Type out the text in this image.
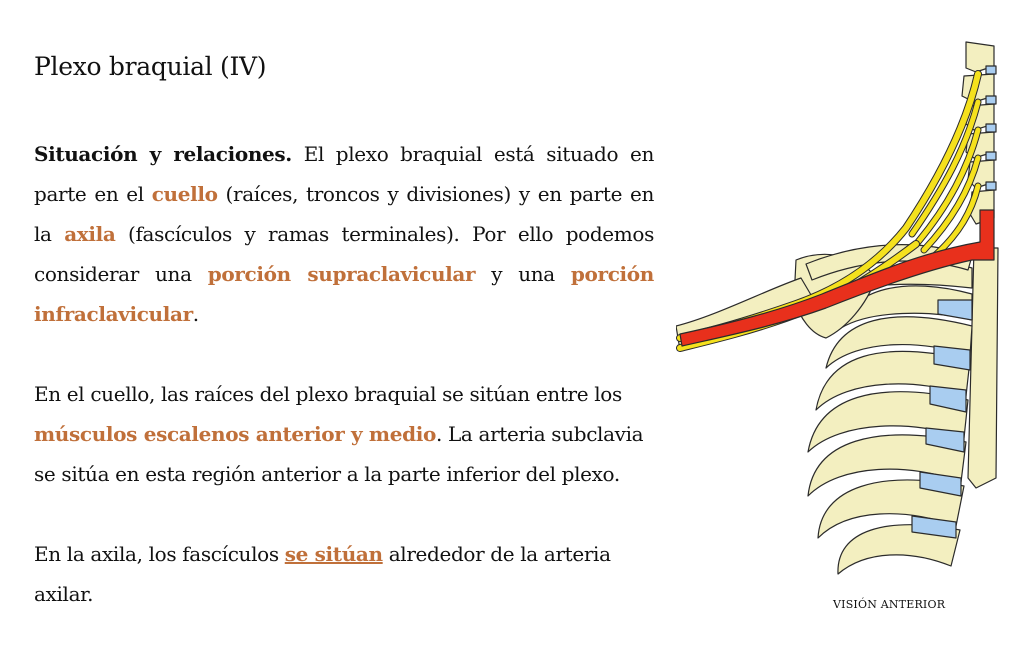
Plexo braquial (IV)
Situación y relaciones. El plexo braquial está situado en parte en el cuello (raíces, troncos y divisiones) y en parte en la axila (fascículos y ramas terminales). Por ello podemos considerar una porción supraclavicular y una porción infraclavicular.
En el cuello, las raíces del plexo braquial se sitúan entre los músculos escalenos anterior y medio. La arteria subclavia se sitúa en esta región anterior a la parte inferior del plexo.
En la axila, los fascículos se sitúan alrededor de la arteria axilar.	VISIÓN ANTERIOR
